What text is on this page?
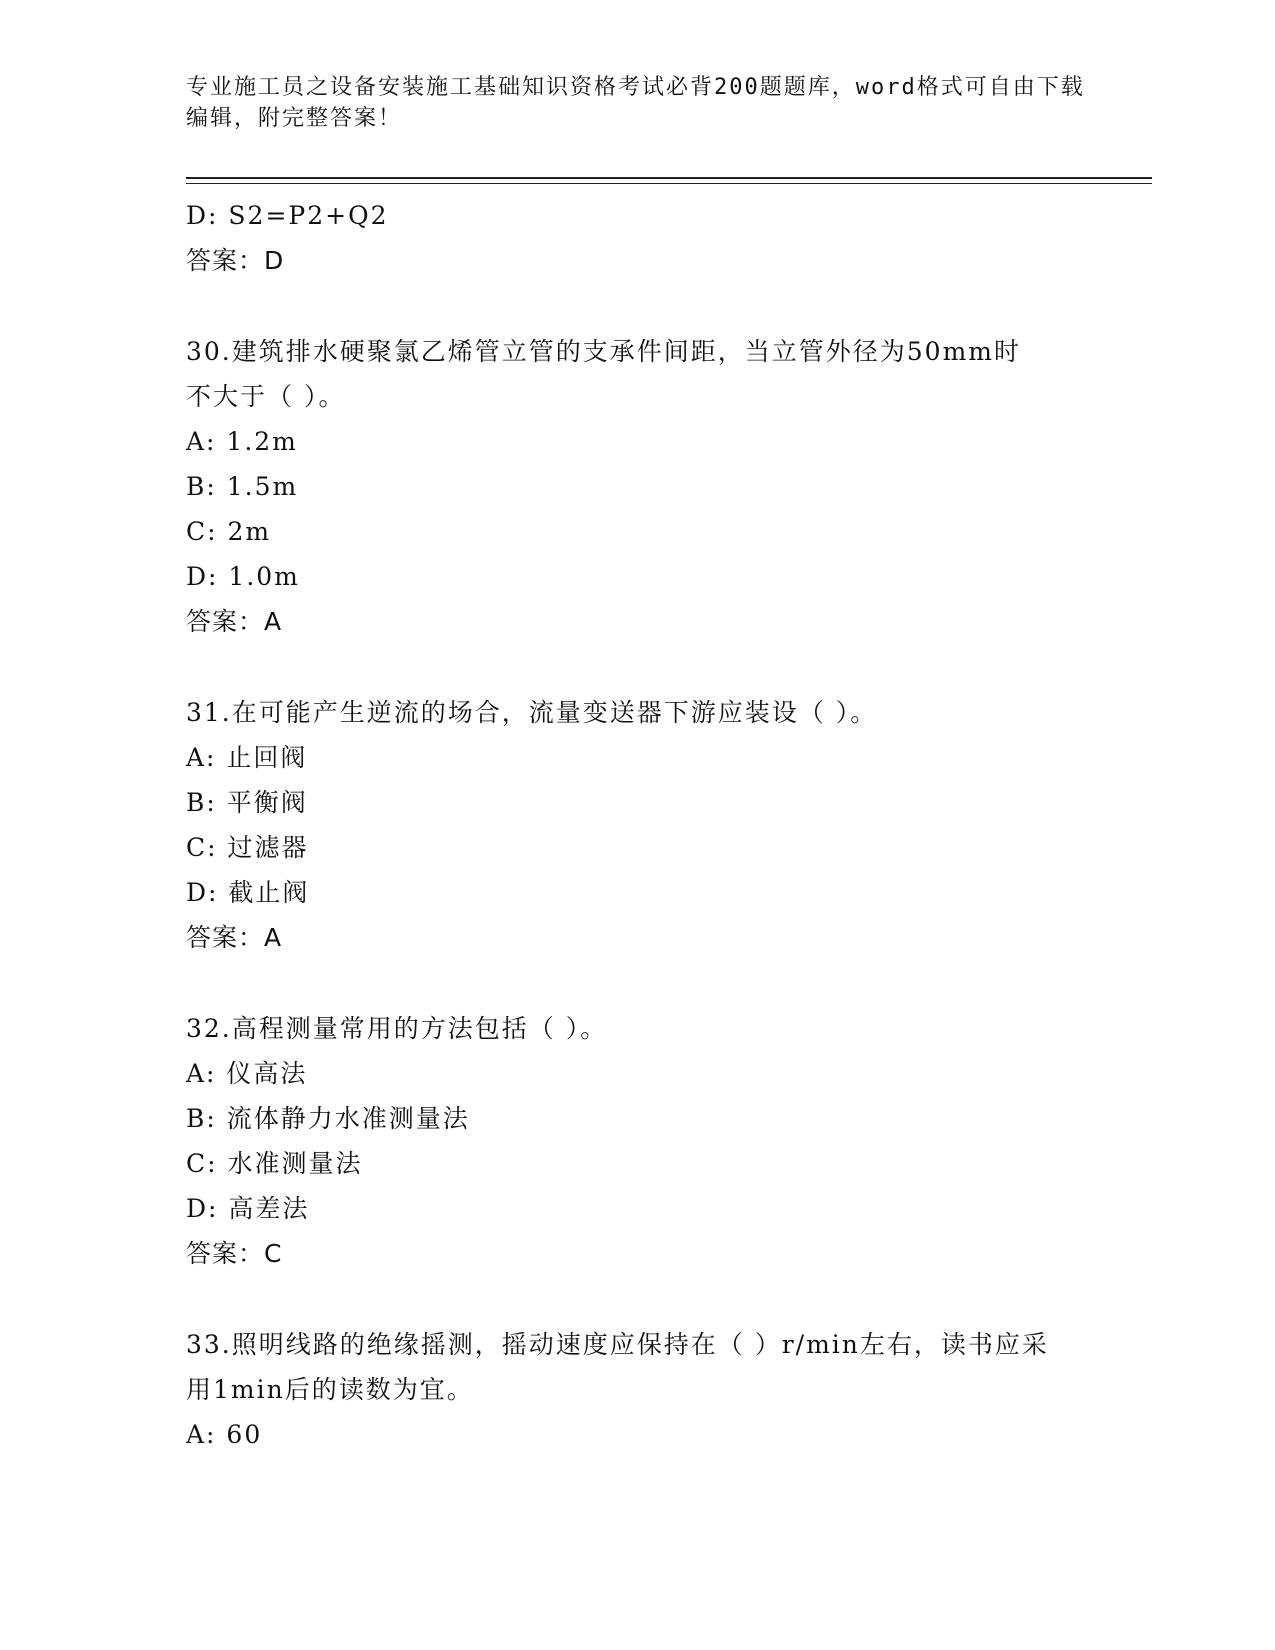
专业施工员之设备安装施工基础知识资格考试必背200题题库，word格式可自由下载编辑，附完整答案！
D: S2=P2+Q2
答案：D
30.建筑排水硬聚氯乙烯管立管的支承件间距，当立管外径为50mm时不大于（ ）。
A: 1.2m
B: 1.5m
C: 2m
D: 1.0m
答案：A
31.在可能产生逆流的场合，流量变送器下游应装设（ ）。
A: 止回阀
B: 平衡阀
C: 过滤器
D: 截止阀
答案：A
32.高程测量常用的方法包括（ ）。
A: 仪高法
B: 流体静力水准测量法
C: 水准测量法
D: 高差法
答案：C
33.照明线路的绝缘摇测，摇动速度应保持在（ ）r/min左右，读书应采用1min后的读数为宜。
A: 60
